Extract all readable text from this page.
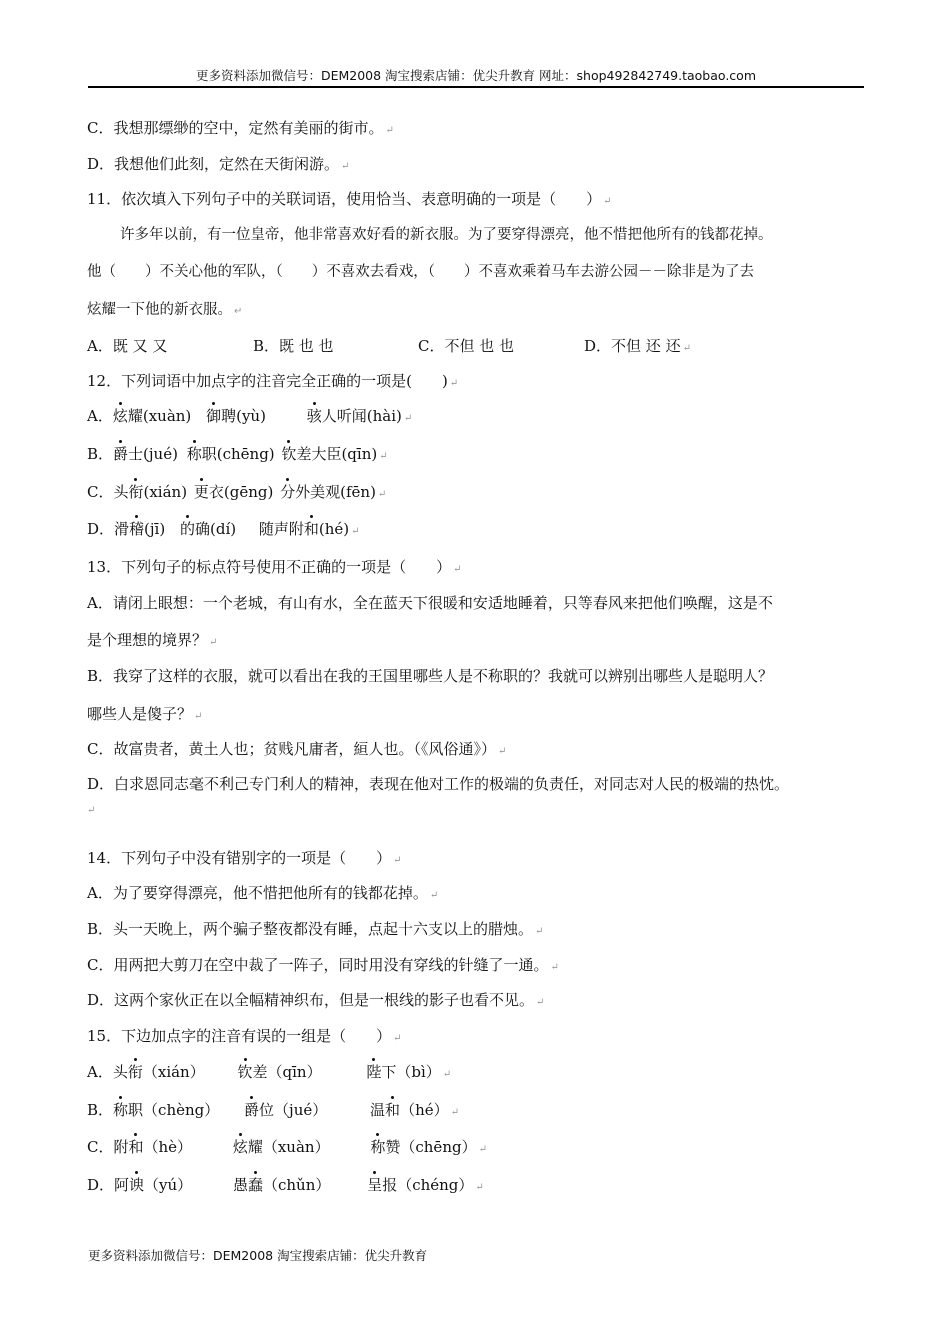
更多资料添加微信号：DEM2008 淘宝搜索店铺：优尖升教育 网址：shop492842749.taobao.com
C．我想那缥缈的空中，定然有美丽的街市。 ↵
D．我想他们此刻，定然在天街闲游。 ↵
11．依次填入下列句子中的关联词语，使用恰当、表意明确的一项是（　　） ↵
许多年以前，有一位皇帝，他非常喜欢好看的新衣服。为了要穿得漂亮，他不惜把他所有的钱都花掉。
他（　　）不关心他的军队，（　　）不喜欢去看戏，（　　）不喜欢乘着马车去游公园－－除非是为了去
炫耀一下他的新衣服。 ↵
A．既 又 又	B．既 也 也	C．不但 也 也	D．不但 还 还 ↵
12．下列词语中加点字的注音完全正确的一项是(　　) ↵
A．炫耀(xuàn) 御聘(yù)	骇人听闻(hài) ↵
B．爵士(jué) 称职(chēng) 钦差大臣(qīn) ↵
C．头衔(xián) 更衣(gēng) 分外美观(fēn) ↵
D．滑稽(jī) 的确(dí) 随声附和(hé) ↵
13．下列句子的标点符号使用不正确的一项是（　　） ↵
A．请闭上眼想：一个老城，有山有水，全在蓝天下很暖和安适地睡着，只等春风来把他们唤醒，这是不
是个理想的境界？ ↵
B．我穿了这样的衣服，就可以看出在我的王国里哪些人是不称职的？我就可以辨别出哪些人是聪明人？
哪些人是傻子？ ↵
C．故富贵者，黄土人也；贫贱凡庸者，絙人也。（《风俗通》） ↵
D．白求恩同志毫不利己专门利人的精神，表现在他对工作的极端的负责任，对同志对人民的极端的热忱。
↵
14．下列句子中没有错别字的一项是（　　） ↵
A．为了要穿得漂亮，他不惜把他所有的钱都花掉。 ↵
B．头一天晚上，两个骗子整夜都没有睡，点起十六支以上的腊烛。 ↵
C．用两把大剪刀在空中裁了一阵子，同时用没有穿线的针缝了一通。 ↵
D．这两个家伙正在以全幅精神织布，但是一根线的影子也看不见。 ↵
15．下边加点字的注音有误的一组是（　　） ↵
A．头衔（xián） 钦差（qīn）	陛下（bì） ↵
B．称职（chèng） 爵位（jué）	温和（hé） ↵
C．附和（hè）	炫耀（xuàn）	称赞（chēng） ↵
D．阿谀（yú）	愚蠢（chǔn） 呈报（chéng） ↵
更多资料添加微信号：DEM2008 淘宝搜索店铺：优尖升教育
